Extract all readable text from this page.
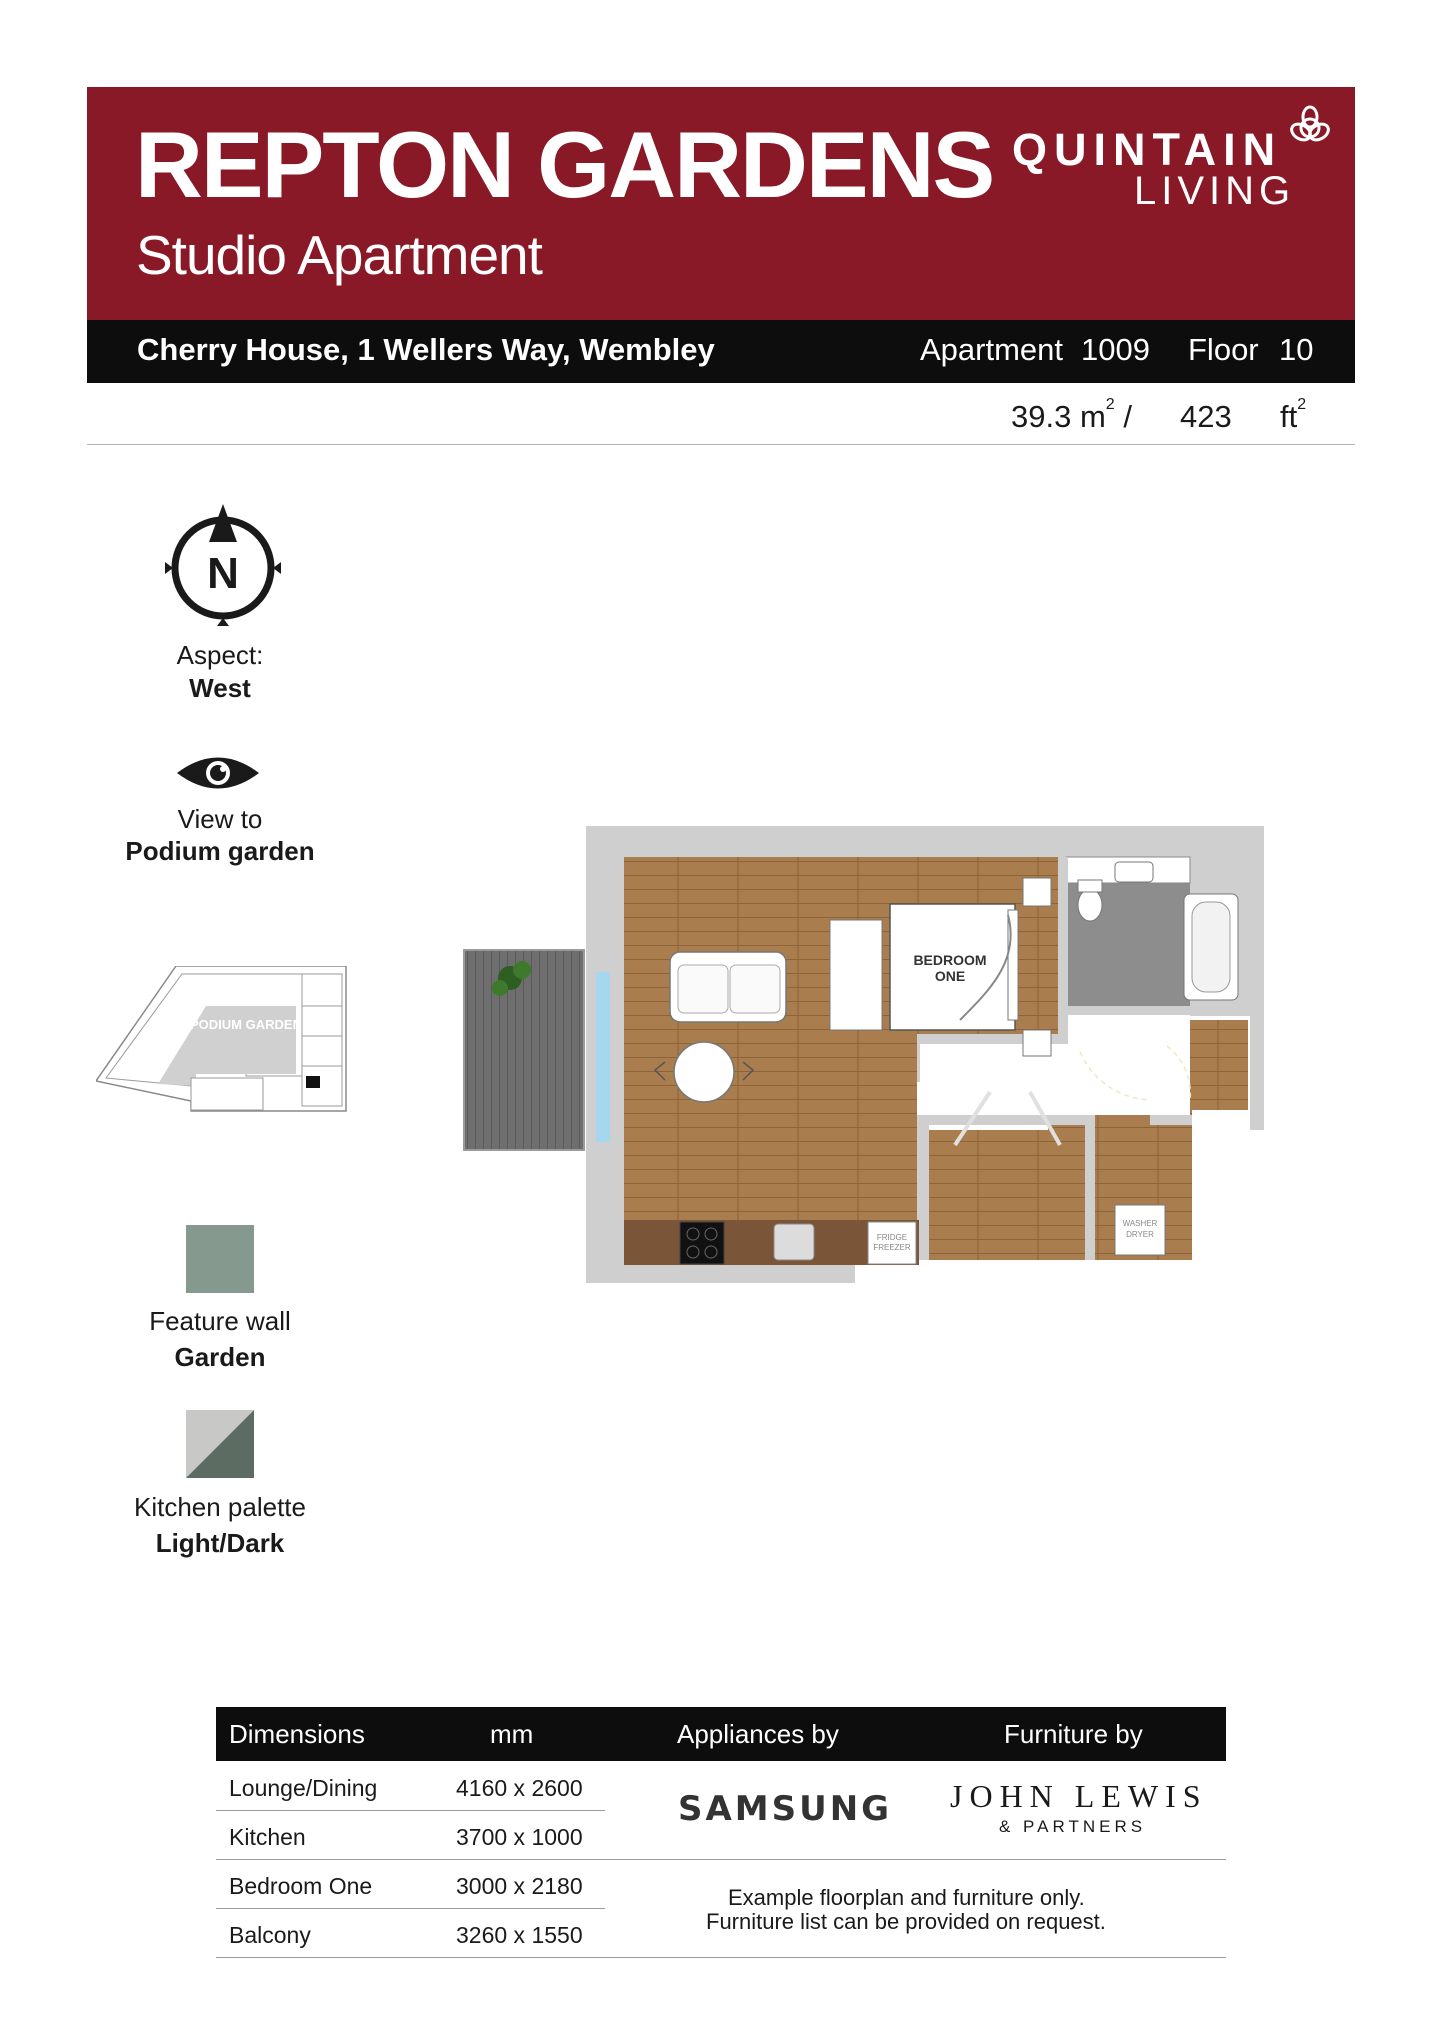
REPTON GARDENS
Studio Apartment
QUINTAIN
LIVING
Cherry House, 1 Wellers Way, Wembley	Apartment 1009 Floor 10
39.3 $m^2 / 423$ $ft^2$
N
Aspect:
West
View to
Podium garden
PODIUM GARDEN
Feature wall
Garden
Kitchen palette
Light/Dark
BEDROOM
ONE
FRIDGE
FREEZER
WASHER
DRYER
Dimensions	mm	Appliances by	Furniture by
Lounge/Dining	4160 x 2600
Kitchen	3700 x 1000
Bedroom One	3000 x 2180
Balcony	3260 x 1550
SAMSUNG JOHN LEWIS
& PARTNERS
Example floorplan and furniture only.
Furniture list can be provided on request.
